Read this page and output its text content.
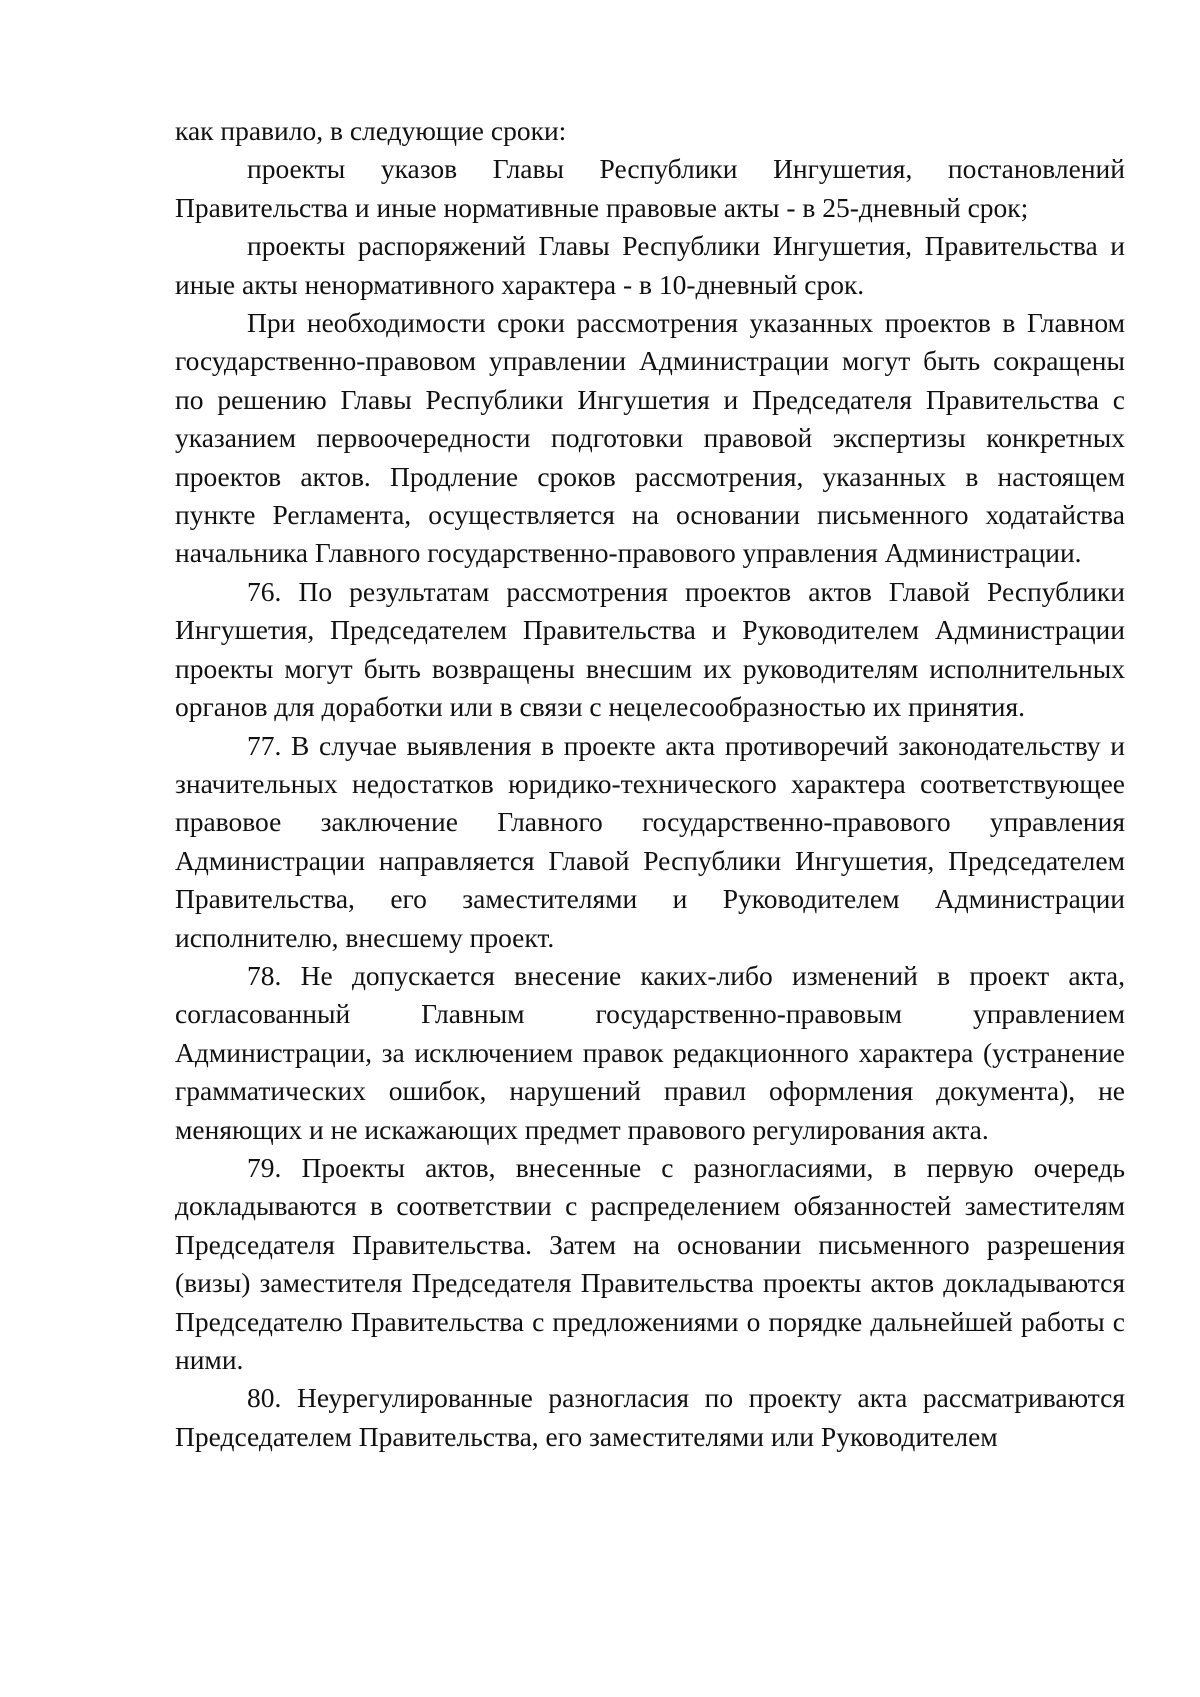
как правило, в следующие сроки:

проекты указов Главы Республики Ингушетия, постановлений Правительства и иные нормативные правовые акты - в 25-дневный срок;

проекты распоряжений Главы Республики Ингушетия, Правительства и иные акты ненормативного характера - в 10-дневный срок.

При необходимости сроки рассмотрения указанных проектов в Главном государственно-правовом управлении Администрации могут быть сокращены по решению Главы Республики Ингушетия и Председателя Правительства с указанием первоочередности подготовки правовой экспертизы конкретных проектов актов. Продление сроков рассмотрения, указанных в настоящем пункте Регламента, осуществляется на основании письменного ходатайства начальника Главного государственно-правового управления Администрации.

76. По результатам рассмотрения проектов актов Главой Республики Ингушетия, Председателем Правительства и Руководителем Администрации проекты могут быть возвращены внесшим их руководителям исполнительных органов для доработки или в связи с нецелесообразностью их принятия.

77. В случае выявления в проекте акта противоречий законодательству и значительных недостатков юридико-технического характера соответствующее правовое заключение Главного государственно-правового управления Администрации направляется Главой Республики Ингушетия, Председателем Правительства, его заместителями и Руководителем Администрации исполнителю, внесшему проект.

78. Не допускается внесение каких-либо изменений в проект акта, согласованный Главным государственно-правовым управлением Администрации, за исключением правок редакционного характера (устранение грамматических ошибок, нарушений правил оформления документа), не меняющих и не искажающих предмет правового регулирования акта.

79. Проекты актов, внесенные с разногласиями, в первую очередь докладываются в соответствии с распределением обязанностей заместителям Председателя Правительства. Затем на основании письменного разрешения (визы) заместителя Председателя Правительства проекты актов докладываются Председателю Правительства с предложениями о порядке дальнейшей работы с ними.

80. Неурегулированные разногласия по проекту акта рассматриваются Председателем Правительства, его заместителями или Руководителем
